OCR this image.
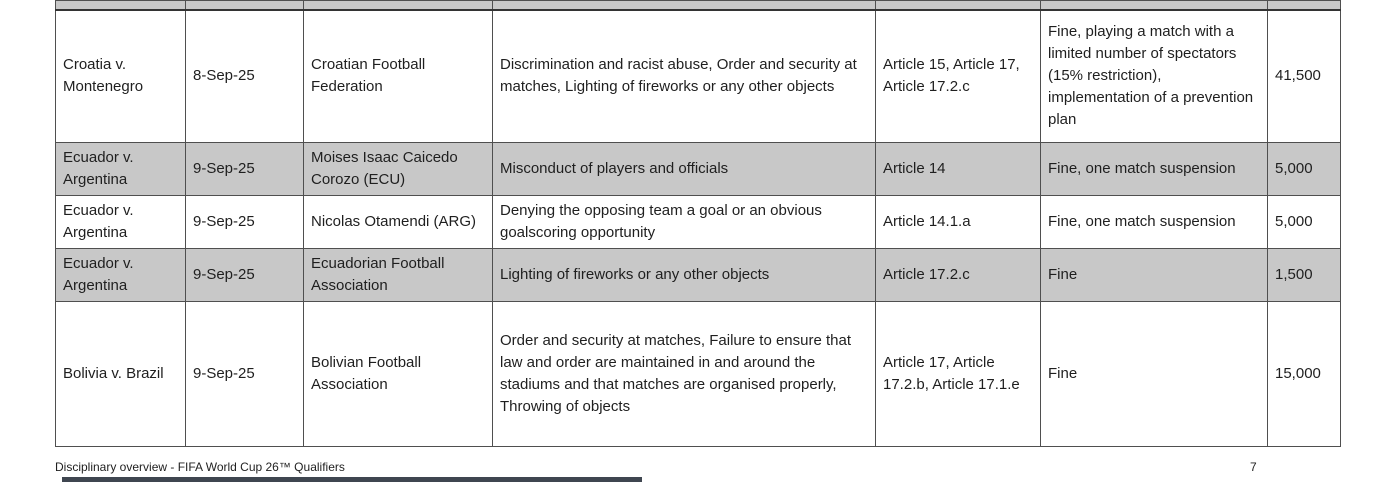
Croatia v. Montenegro	8-Sep-25	Croatian Football Federation	Discrimination and racist abuse, Order and security at matches, Lighting of fireworks or any other objects	Article 15, Article 17, Article 17.2.c	Fine, playing a match with a limited number of spectators (15% restriction), implementation of a prevention plan	41,500
Ecuador v. Argentina	9-Sep-25	Moises Isaac Caicedo Corozo (ECU)	Misconduct of players and officials	Article 14	Fine, one match suspension	5,000
Ecuador v. Argentina	9-Sep-25	Nicolas Otamendi (ARG)	Denying the opposing team a goal or an obvious goalscoring opportunity	Article 14.1.a	Fine, one match suspension	5,000
Ecuador v. Argentina	9-Sep-25	Ecuadorian Football Association	Lighting of fireworks or any other objects	Article 17.2.c	Fine	1,500
Bolivia v. Brazil	9-Sep-25	Bolivian Football Association	Order and security at matches, Failure to ensure that law and order are maintained in and around the stadiums and that matches are organised properly, Throwing of objects	Article 17, Article 17.2.b, Article 17.1.e	Fine	15,000
Disciplinary overview - FIFA World Cup 26™ Qualifiers	7
